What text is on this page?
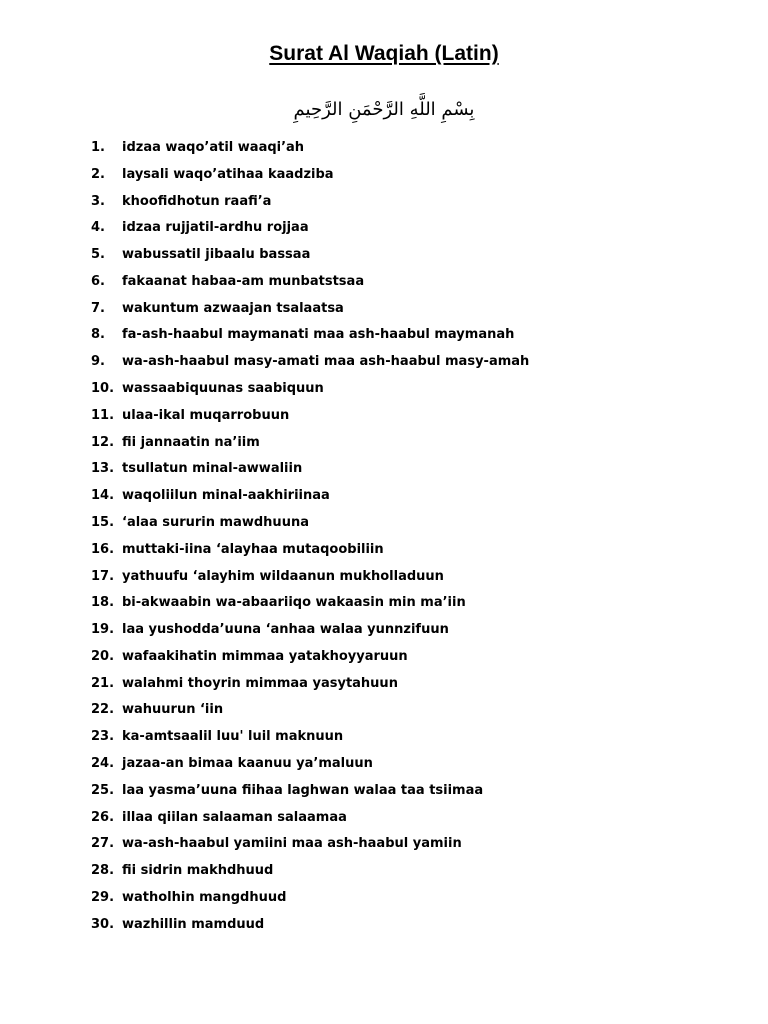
Surat Al Waqiah (Latin)

بِسْمِ اللَّهِ الرَّحْمَنِ الرَّحِيمِ

1. idzaa waqo’atil waaqi’ah
2. laysali waqo’atihaa kaadziba
3. khoofidhotun raafi’a
4. idzaa rujjatil-ardhu rojjaa
5. wabussatil jibaalu bassaa
6. fakaanat habaa-am munbatstsaa
7. wakuntum azwaajan tsalaatsa
8. fa-ash-haabul maymanati maa ash-haabul maymanah
9. wa-ash-haabul masy-amati maa ash-haabul masy-amah
10. wassaabiquunas saabiquun
11. ulaa-ikal muqarrobuun
12. fii jannaatin na’iim
13. tsullatun minal-awwaliin
14. waqoliilun minal-aakhiriinaa
15. ‘alaa sururin mawdhuuna
16. muttaki-iina ‘alayhaa mutaqoobiliin
17. yathuufu ‘alayhim wildaanun mukholladuun
18. bi-akwaabin wa-abaariiqo wakaasin min ma’iin
19. laa yushodda’uuna ‘anhaa walaa yunnzifuun
20. wafaakihatin mimmaa yatakhoyyaruun
21. walahmi thoyrin mimmaa yasytahuun
22. wahuurun ‘iin
23. ka-amtsaalil luu' luil maknuun
24. jazaa-an bimaa kaanuu ya’maluun
25. laa yasma’uuna fiihaa laghwan walaa taa tsiimaa
26. illaa qiilan salaaman salaamaa
27. wa-ash-haabul yamiini maa ash-haabul yamiin
28. fii sidrin makhdhuud
29. watholhin mangdhuud
30. wazhillin mamduud
